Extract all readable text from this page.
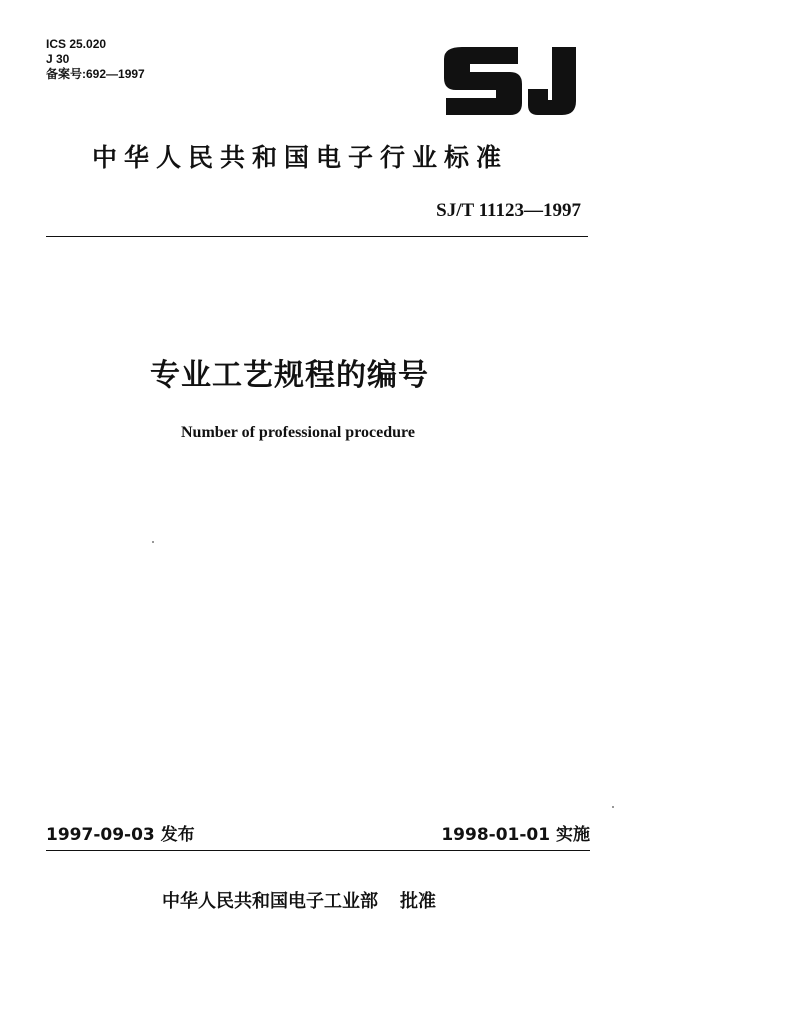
ICS 25.020
J 30
备案号:692—1997
中华人民共和国电子行业标准
SJ/T 11123—1997
专业工艺规程的编号
Number of professional procedure
1997-09-03 发布	1998-01-01 实施
中华人民共和国电子工业部 批准
